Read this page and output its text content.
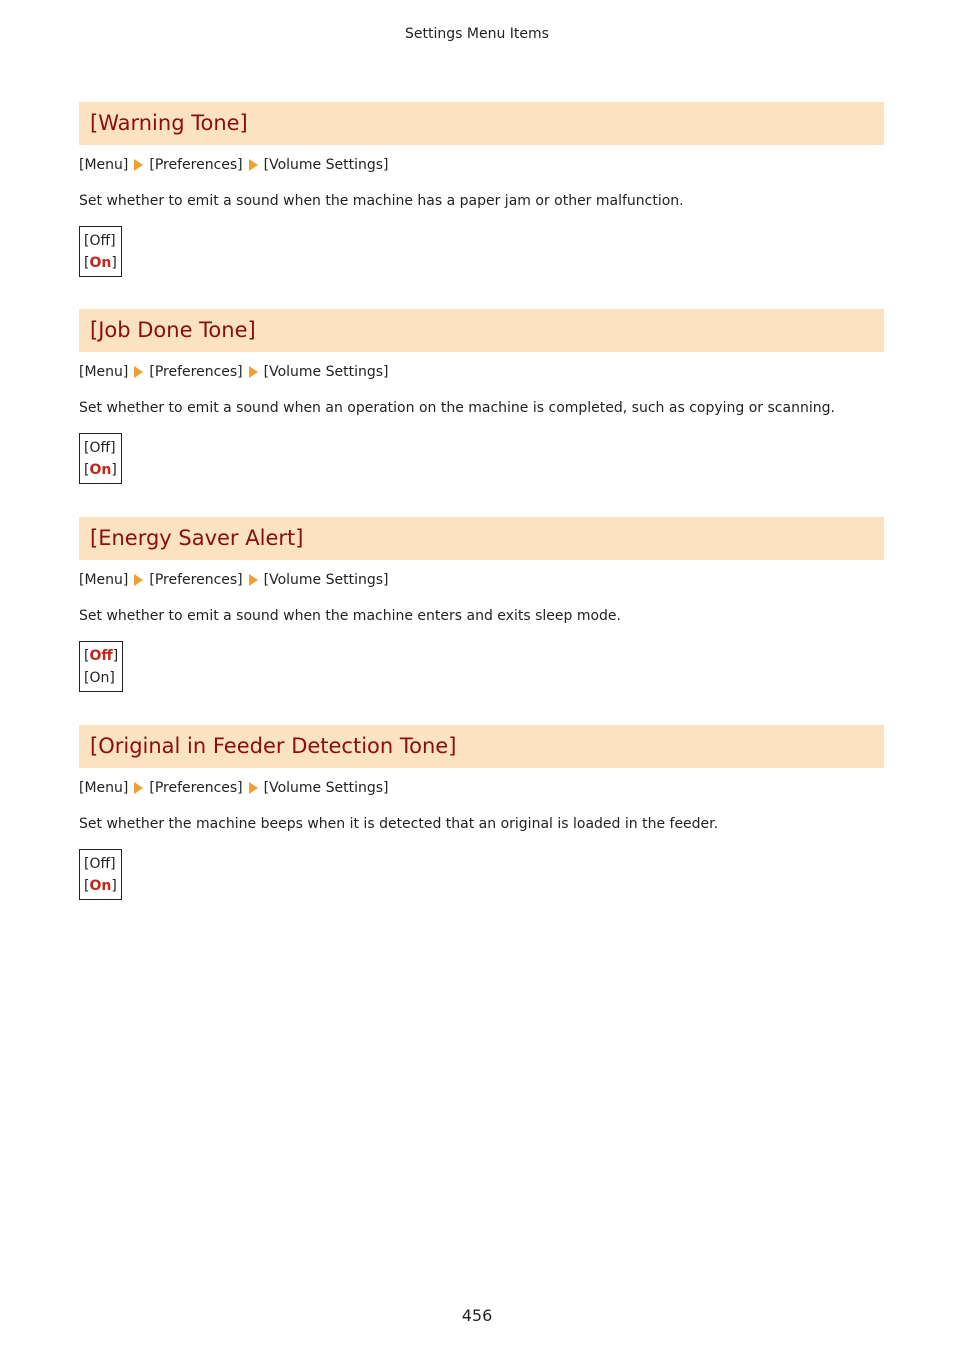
Settings Menu Items
[Warning Tone]
[Menu] [Preferences] [Volume Settings]
Set whether to emit a sound when the machine has a paper jam or other malfunction.
[Off]
[On]
[Job Done Tone]
[Menu] [Preferences] [Volume Settings]
Set whether to emit a sound when an operation on the machine is completed, such as copying or scanning.
[Off]
[On]
[Energy Saver Alert]
[Menu] [Preferences] [Volume Settings]
Set whether to emit a sound when the machine enters and exits sleep mode.
[Off]
[On]
[Original in Feeder Detection Tone]
[Menu] [Preferences] [Volume Settings]
Set whether the machine beeps when it is detected that an original is loaded in the feeder.
[Off]
[On]
456
